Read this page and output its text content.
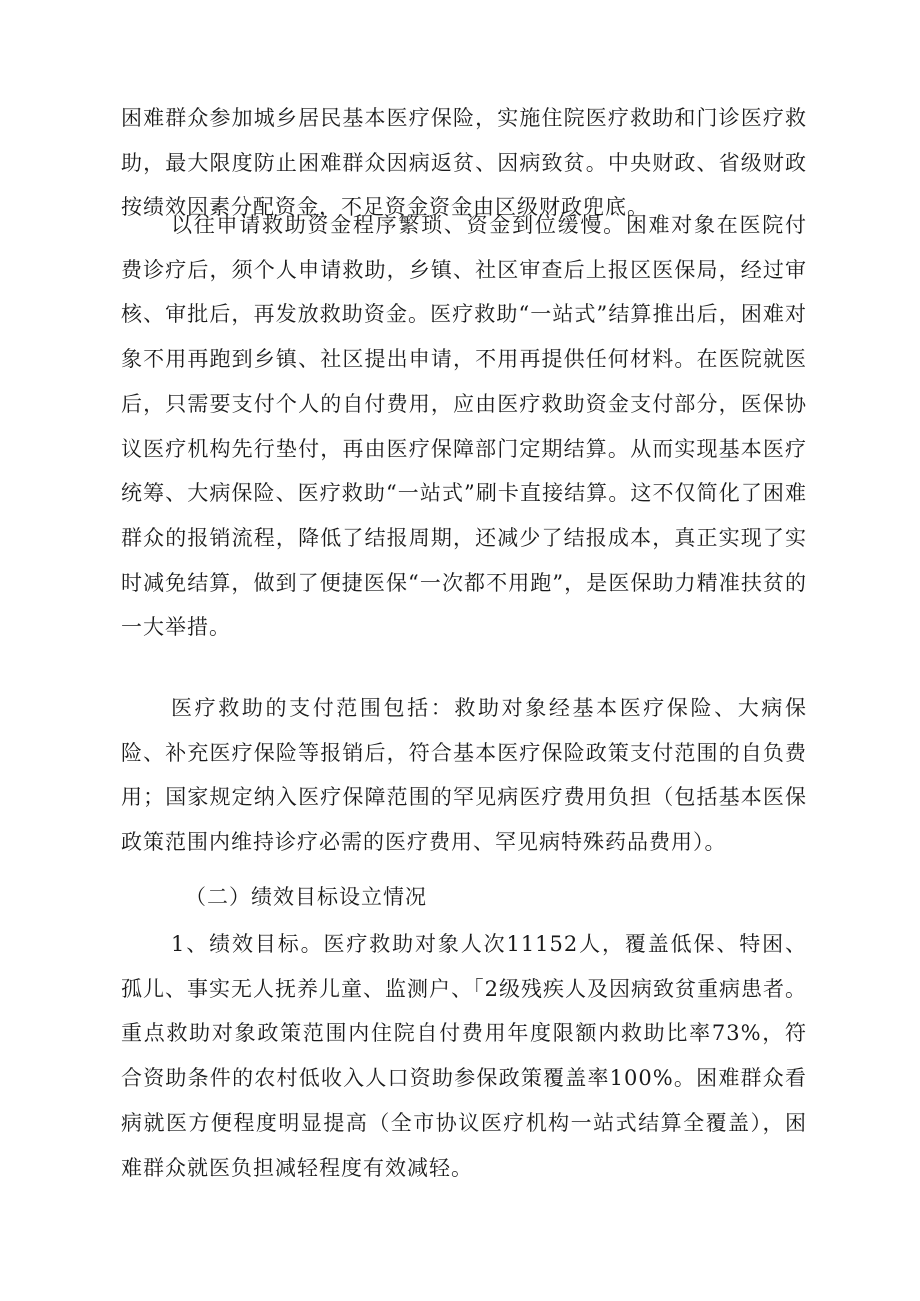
困难群众参加城乡居民基本医疗保险，实施住院医疗救助和门诊医疗救助，最大限度防止困难群众因病返贫、因病致贫。中央财政、省级财政按绩效因素分配资金，不足资金资金由区级财政兜底。

以往申请救助资金程序繁琐、资金到位缓慢。困难对象在医院付费诊疗后，须个人申请救助，乡镇、社区审查后上报区医保局，经过审核、审批后，再发放救助资金。医疗救助“一站式”结算推出后，困难对象不用再跑到乡镇、社区提出申请，不用再提供任何材料。在医院就医后，只需要支付个人的自付费用，应由医疗救助资金支付部分，医保协议医疗机构先行垫付，再由医疗保障部门定期结算。从而实现基本医疗统筹、大病保险、医疗救助“一站式”刷卡直接结算。这不仅简化了困难群众的报销流程，降低了结报周期，还减少了结报成本，真正实现了实时减免结算，做到了便捷医保“一次都不用跑”，是医保助力精准扶贫的一大举措。

医疗救助的支付范围包括：救助对象经基本医疗保险、大病保险、补充医疗保险等报销后，符合基本医疗保险政策支付范围的自负费用；国家规定纳入医疗保障范围的罕见病医疗费用负担（包括基本医保政策范围内维持诊疗必需的医疗费用、罕见病特殊药品费用）。

（二）绩效目标设立情况

1、绩效目标。医疗救助对象人次11152人，覆盖低保、特困、孤儿、事实无人抚养儿童、监测户、「2级残疾人及因病致贫重病患者。重点救助对象政策范围内住院自付费用年度限额内救助比率73%，符合资助条件的农村低收入人口资助参保政策覆盖率100%。困难群众看病就医方便程度明显提高（全市协议医疗机构一站式结算全覆盖），困难群众就医负担减轻程度有效减轻。
